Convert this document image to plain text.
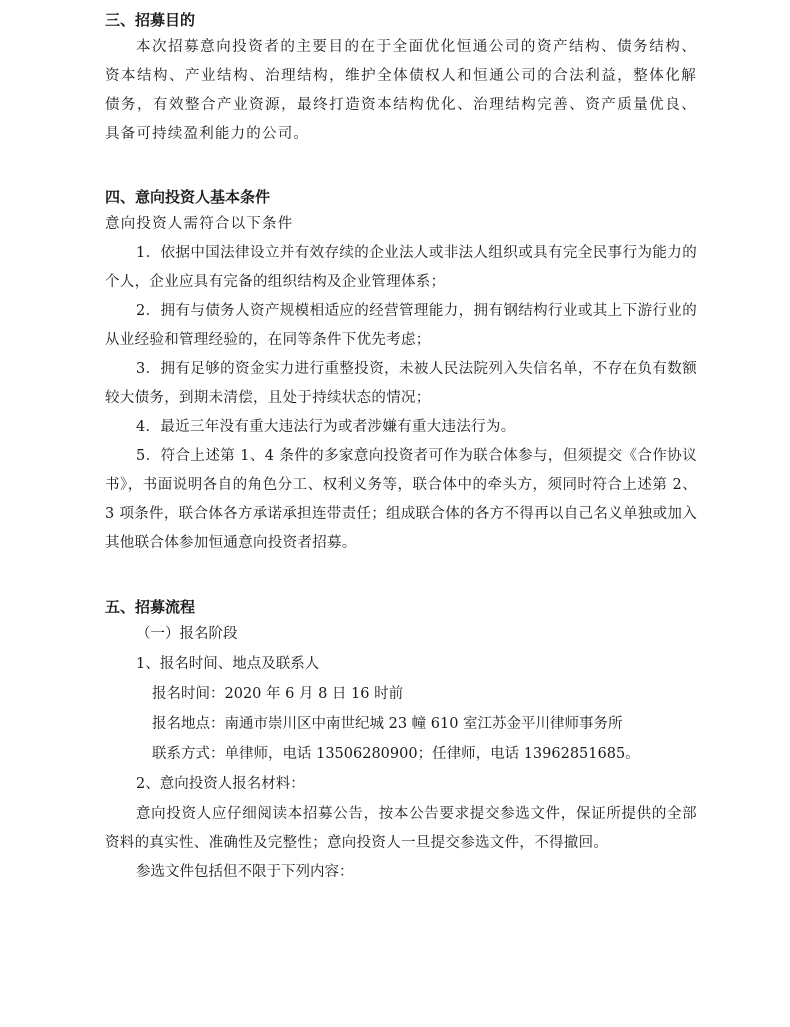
三、招募目的

本次招募意向投资者的主要目的在于全面优化恒通公司的资产结构、债务结构、资本结构、产业结构、治理结构，维护全体债权人和恒通公司的合法利益，整体化解债务，有效整合产业资源，最终打造资本结构优化、治理结构完善、资产质量优良、具备可持续盈利能力的公司。

四、意向投资人基本条件
意向投资人需符合以下条件

1．依据中国法律设立并有效存续的企业法人或非法人组织或具有完全民事行为能力的个人，企业应具有完备的组织结构及企业管理体系；

2．拥有与债务人资产规模相适应的经营管理能力，拥有钢结构行业或其上下游行业的从业经验和管理经验的，在同等条件下优先考虑；

3．拥有足够的资金实力进行重整投资，未被人民法院列入失信名单，不存在负有数额较大债务，到期未清偿，且处于持续状态的情况；

4．最近三年没有重大违法行为或者涉嫌有重大违法行为。

5．符合上述第 1、4 条件的多家意向投资者可作为联合体参与，但须提交《合作协议书》，书面说明各自的角色分工、权利义务等，联合体中的牵头方，须同时符合上述第 2、3 项条件，联合体各方承诺承担连带责任；组成联合体的各方不得再以自己名义单独或加入其他联合体参加恒通意向投资者招募。

五、招募流程
（一）报名阶段
1、报名时间、地点及联系人
报名时间：2020 年 6 月 8 日 16 时前
报名地点：南通市崇川区中南世纪城 23 幢 610 室江苏金平川律师事务所
联系方式：单律师，电话 13506280900；任律师，电话 13962851685。
2、意向投资人报名材料：

意向投资人应仔细阅读本招募公告，按本公告要求提交参选文件，保证所提供的全部资料的真实性、准确性及完整性；意向投资人一旦提交参选文件，不得撤回。

参选文件包括但不限于下列内容：
